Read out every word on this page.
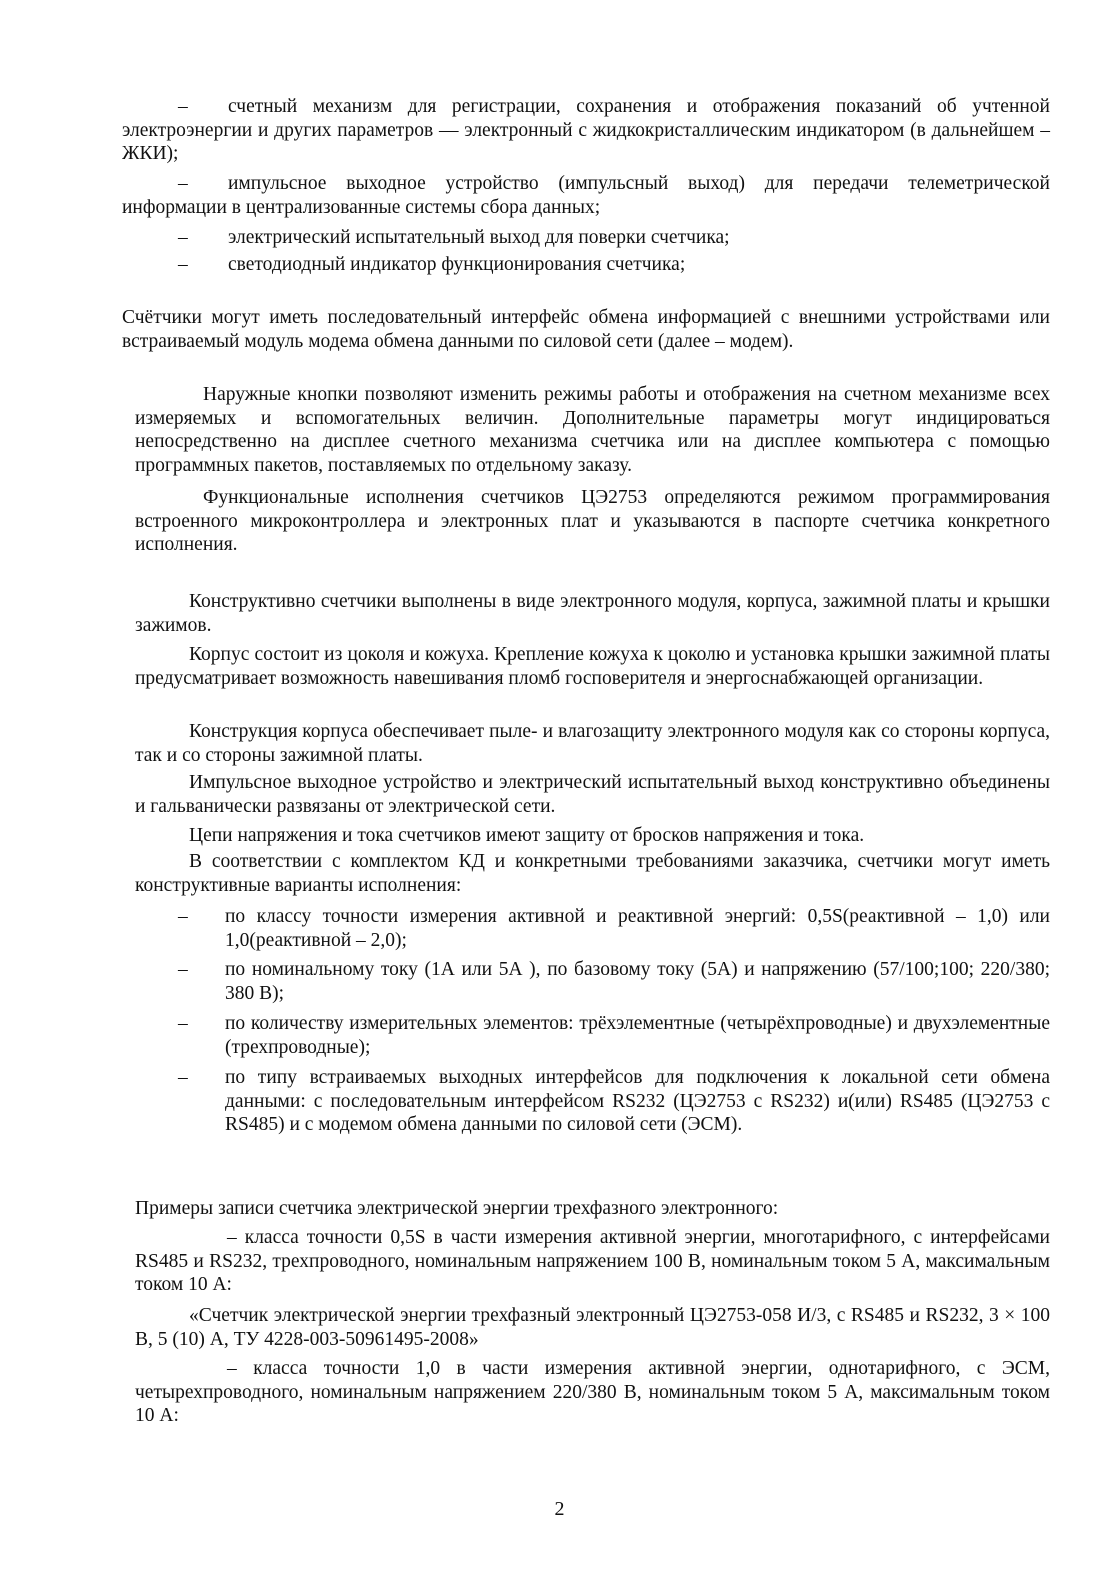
– счетный механизм для регистрации, сохранения и отображения показаний об учтенной электроэнергии и других параметров — электронный с жидкокристаллическим индикатором (в дальнейшем – ЖКИ);

– импульсное выходное устройство (импульсный выход) для передачи телеметрической информации в централизованные системы сбора данных;

– электрический испытательный выход для поверки счетчика;
– светодиодный индикатор функционирования счетчика;

Счётчики могут иметь последовательный интерфейс обмена информацией с внешними устройствами или встраиваемый модуль модема обмена данными по силовой сети (далее – модем).

Наружные кнопки позволяют изменить режимы работы и отображения на счетном механизме всех измеряемых и вспомогательных величин. Дополнительные параметры могут индицироваться непосредственно на дисплее счетного механизма счетчика или на дисплее компьютера с помощью программных пакетов, поставляемых по отдельному заказу.

Функциональные исполнения счетчиков ЦЭ2753 определяются режимом программирования встроенного микроконтроллера и электронных плат и указываются в паспорте счетчика конкретного исполнения.

Конструктивно счетчики выполнены в виде электронного модуля, корпуса, зажимной платы и крышки зажимов.

Корпус состоит из цоколя и кожуха. Крепление кожуха к цоколю и установка крышки зажимной платы предусматривает возможность навешивания пломб госповерителя и энергоснабжающей организации.

Конструкция корпуса обеспечивает пыле- и влагозащиту электронного модуля как со стороны корпуса, так и со стороны зажимной платы.

Импульсное выходное устройство и электрический испытательный выход конструктивно объединены и гальванически развязаны от электрической сети.

Цепи напряжения и тока счетчиков имеют защиту от бросков напряжения и тока.

В соответствии с комплектом КД и конкретными требованиями заказчика, счетчики могут иметь конструктивные варианты исполнения:

– по классу точности измерения активной и реактивной энергий: 0,5S(реактивной – 1,0) или 1,0(реактивной – 2,0);
– по номинальному току (1А или 5А ), по базовому току (5А) и напряжению (57/100;100; 220/380; 380 В);
– по количеству измерительных элементов: трёхэлементные (четырёхпроводные) и двухэлементные (трехпроводные);
– по типу встраиваемых выходных интерфейсов для подключения к локальной сети обмена данными: с последовательным интерфейсом RS232 (ЦЭ2753 с RS232) и(или) RS485 (ЦЭ2753 с RS485) и с модемом обмена данными по силовой сети (ЭСМ).

Примеры записи счетчика электрической энергии трехфазного электронного:

– класса точности 0,5S в части измерения активной энергии, многотарифного, с интерфейсами RS485 и RS232, трехпроводного, номинальным напряжением 100 В, номинальным током 5 А, максимальным током 10 А:

«Счетчик электрической энергии трехфазный электронный ЦЭ2753-058 И/3, с RS485 и RS232, 3 × 100 В, 5 (10) А, ТУ 4228-003-50961495-2008»

– класса точности 1,0 в части измерения активной энергии, однотарифного, с ЭСМ, четырехпроводного, номинальным напряжением 220/380 В, номинальным током 5 А, максимальным током 10 А:

2
